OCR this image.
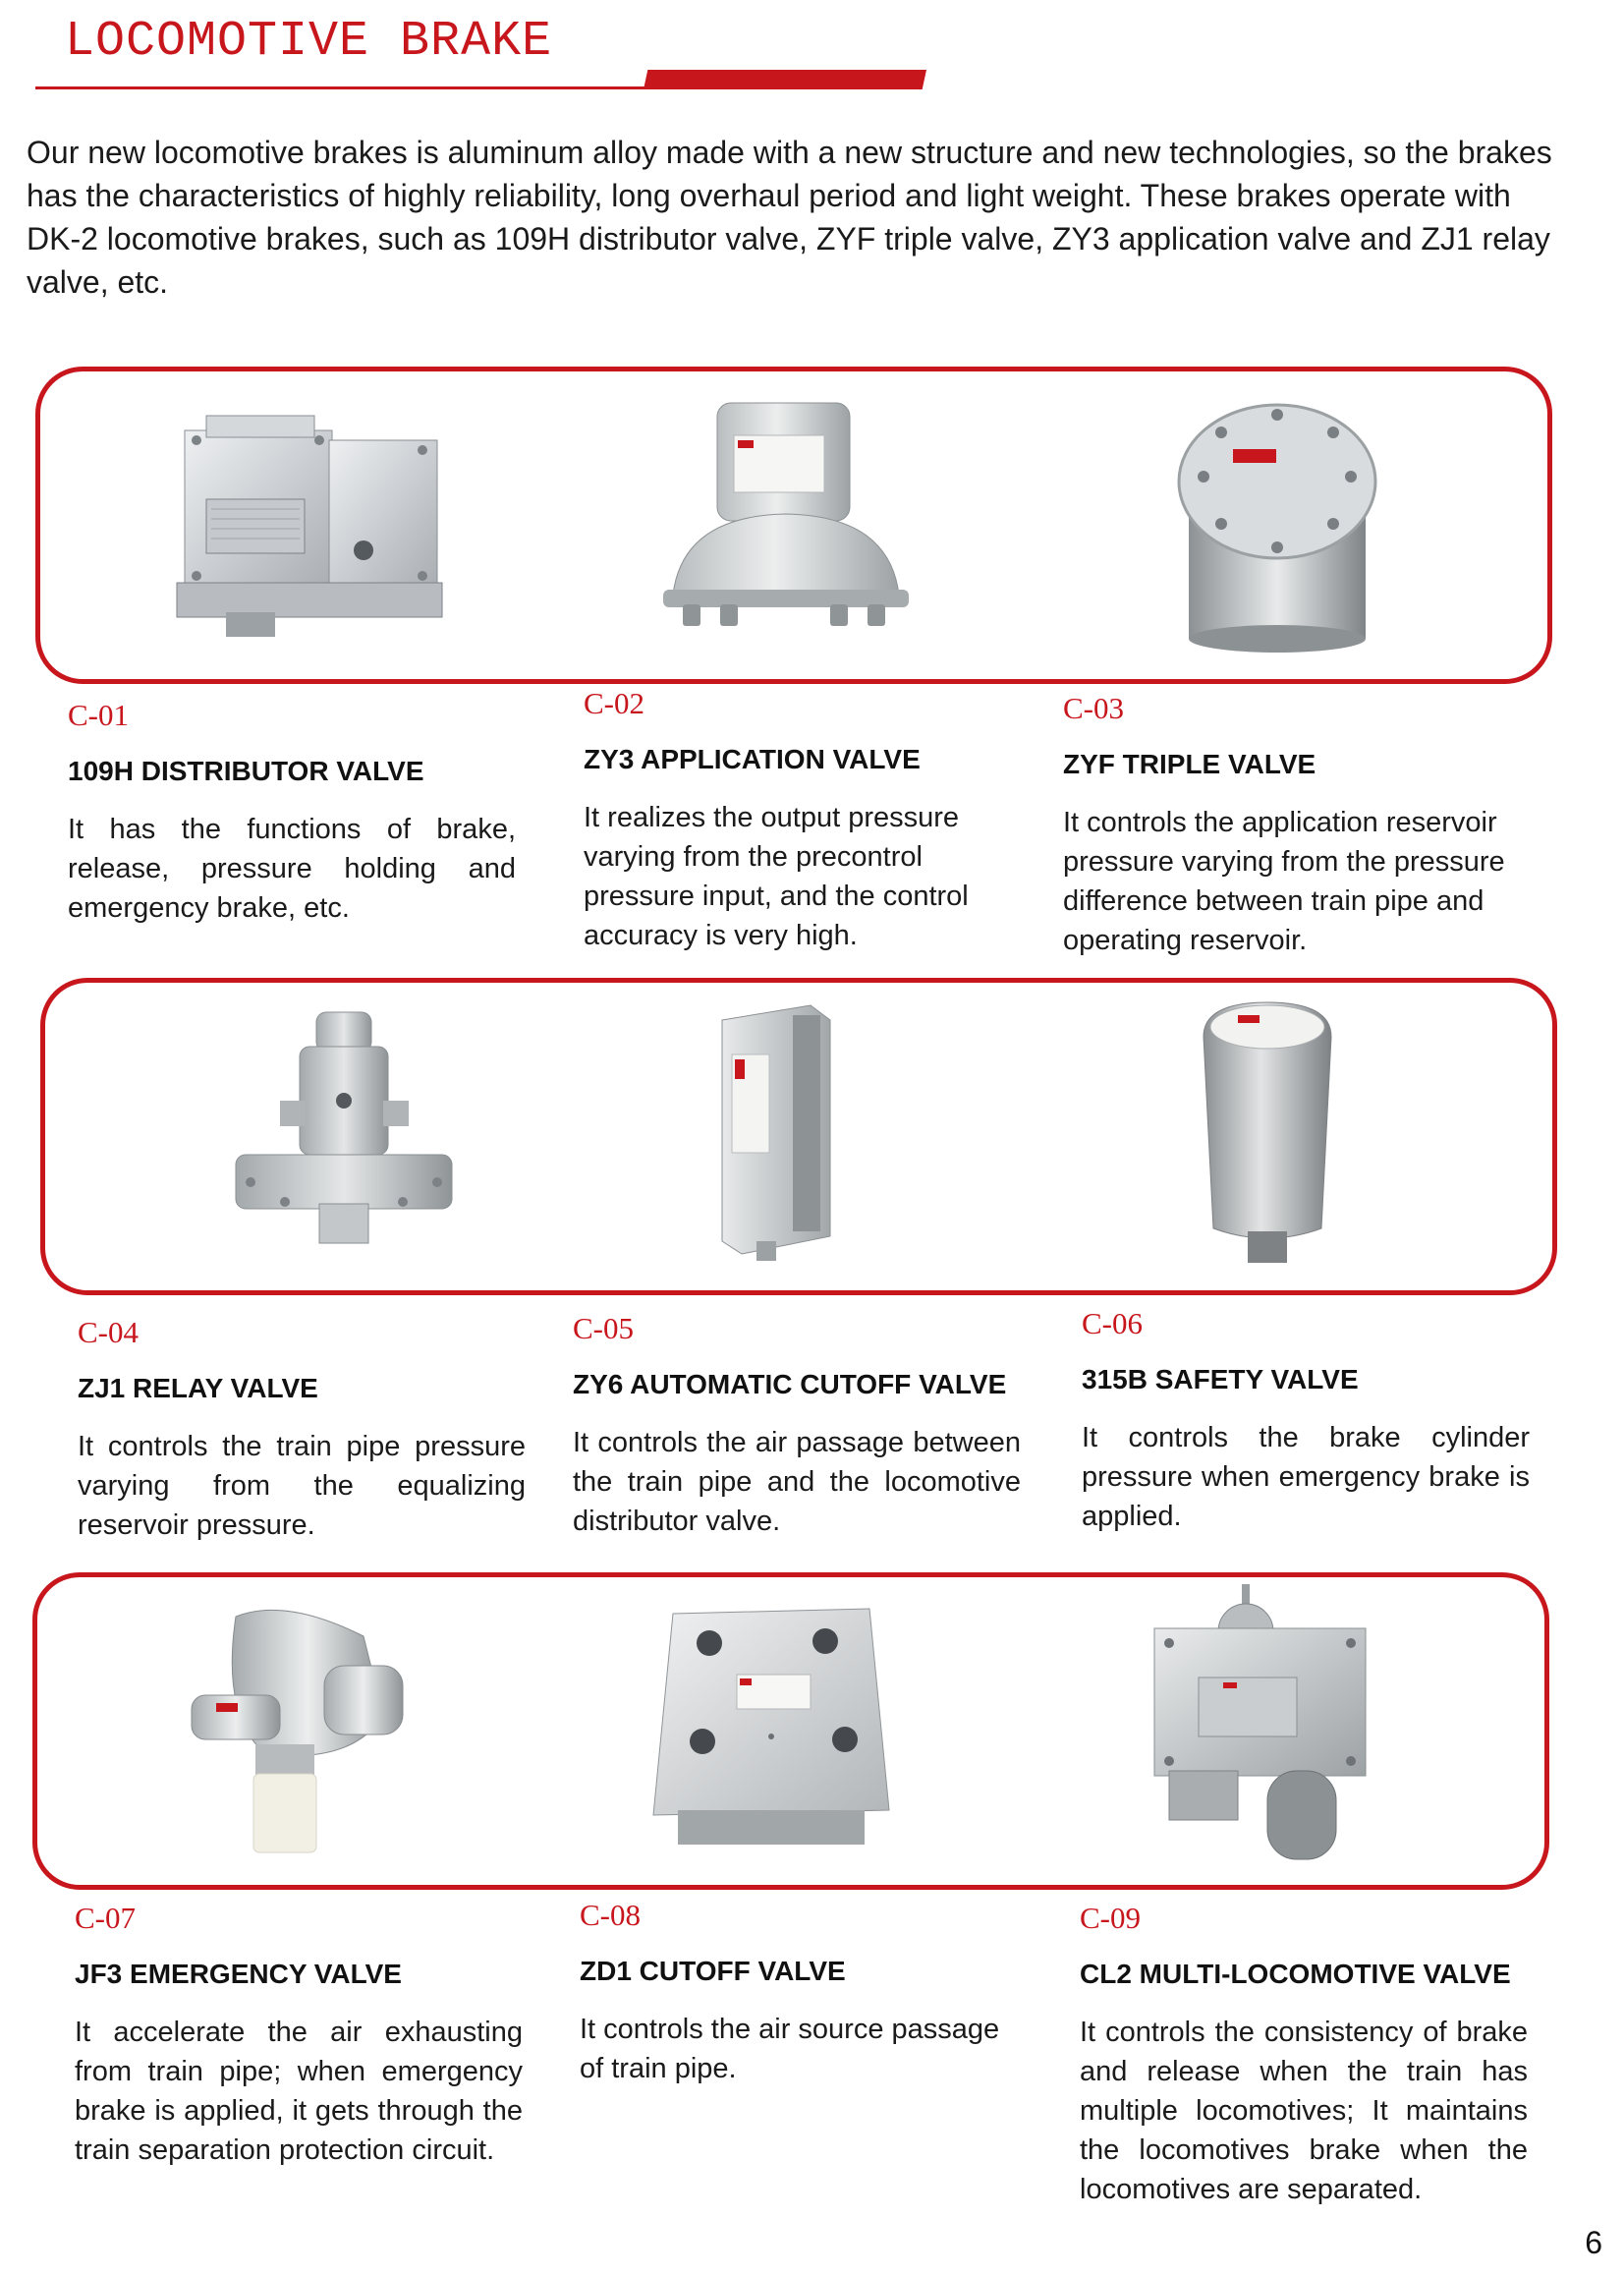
LOCOMOTIVE BRAKE

Our new locomotive brakes is aluminum alloy made with a new structure and new technologies, so the brakes has the characteristics of highly reliability, long overhaul period and light weight. These brakes operate with DK-2 locomotive brakes, such as 109H distributor valve, ZYF triple valve, ZY3 application valve and ZJ1 relay valve, etc.

C-01

109H DISTRIBUTOR VALVE

It has the functions of brake, release, pressure holding and emergency brake, etc.

C-02

ZY3 APPLICATION VALVE

It realizes the output pressure varying from the precontrol pressure input, and the control accuracy is very high.

C-03

ZYF TRIPLE VALVE

It controls the application reservoir pressure varying from the pressure difference between train pipe and operating reservoir.

C-04

ZJ1 RELAY VALVE

It controls the train pipe pressure varying from the equalizing reservoir pressure.

C-05

ZY6 AUTOMATIC CUTOFF VALVE

It controls the air passage between the train pipe and the locomotive distributor valve.

C-06

315B SAFETY VALVE

It controls the brake cylinder pressure when emergency brake is applied.

C-07

JF3 EMERGENCY VALVE

It accelerate the air exhausting from train pipe; when emergency brake is applied, it gets through the train separation protection circuit.

C-08

ZD1 CUTOFF VALVE

It controls the air source passage of train pipe.

C-09

CL2 MULTI-LOCOMOTIVE VALVE

It controls the consistency of brake and release when the train has multiple locomotives; It maintains the locomotives brake when the locomotives are separated.

6
